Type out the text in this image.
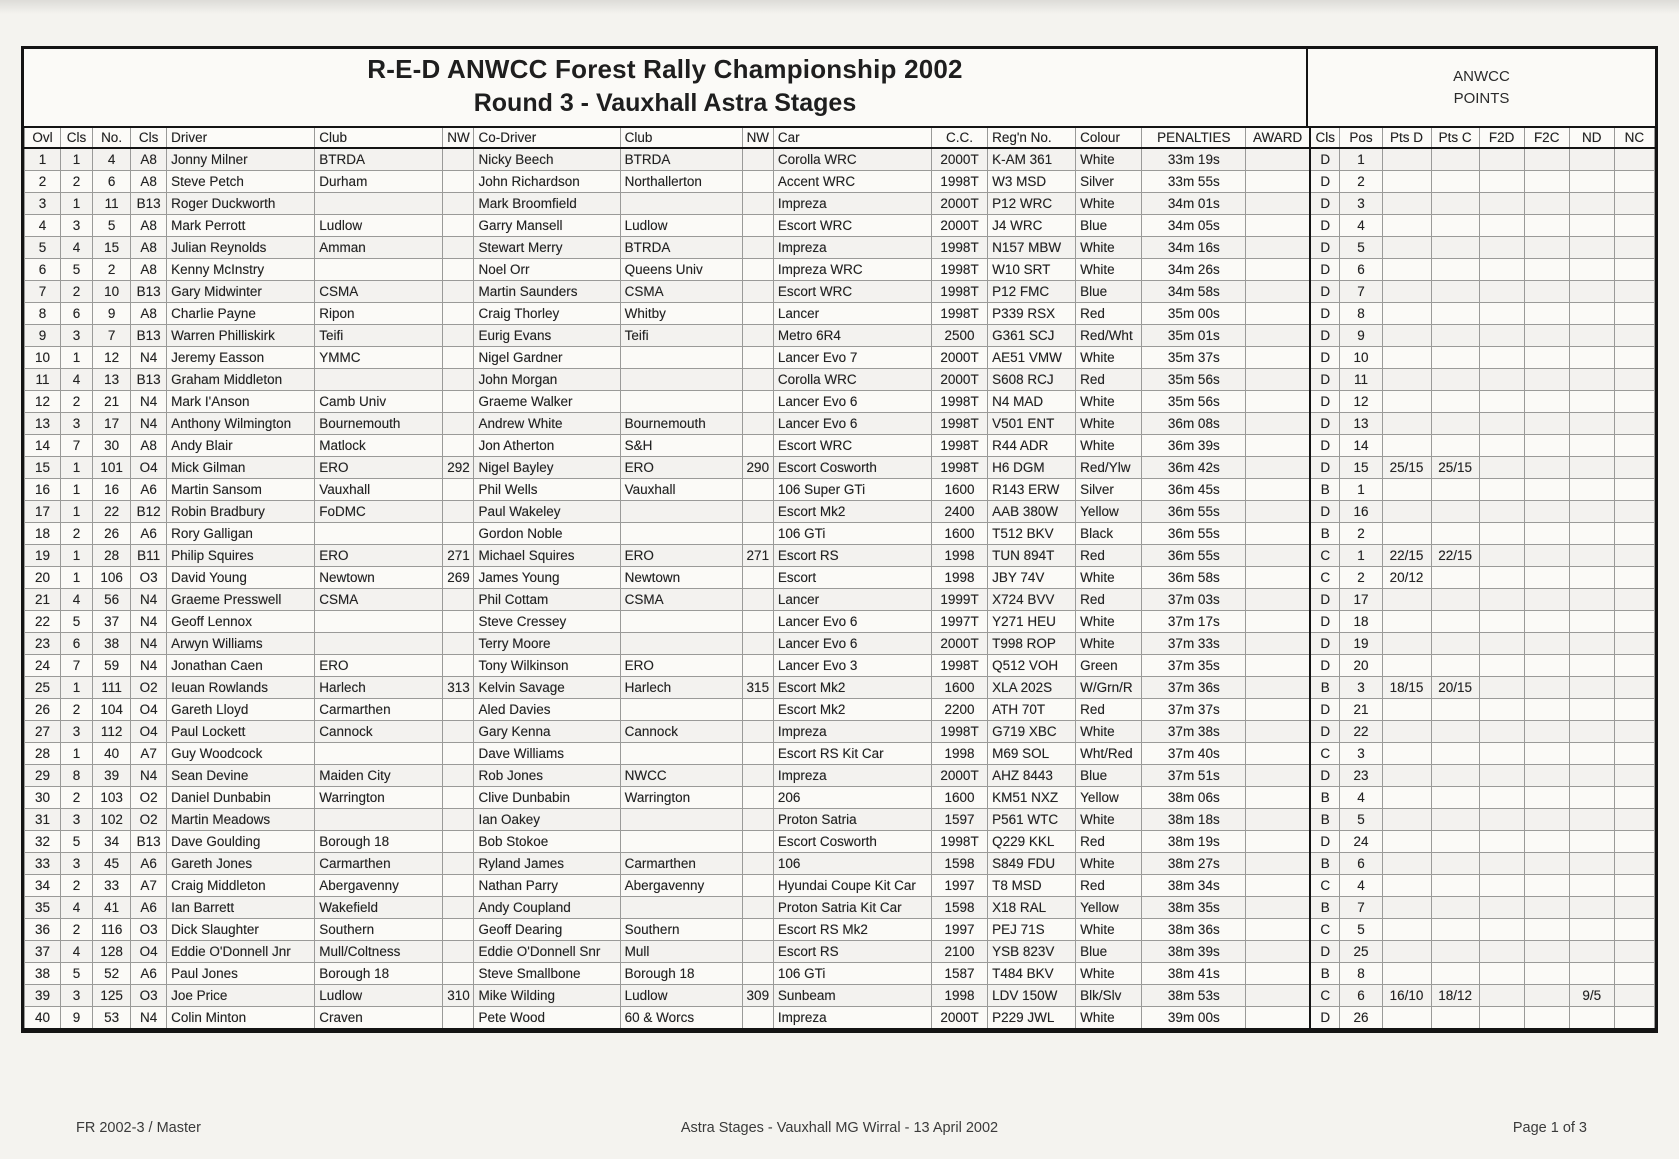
R-E-D ANWCC Forest Rally Championship 2002
Round 3 - Vauxhall Astra Stages
ANWCC
POINTS
Ovl	Cls	No.	Cls	Driver	Club	NW	Co-Driver	Club	NW	Car	C.C.	Reg'n No.	Colour	PENALTIES	AWARD	Cls	Pos	Pts D	Pts C	F2D	F2C	ND	NC
1	1	4	A8	Jonny Milner	BTRDA		Nicky Beech	BTRDA		Corolla WRC	2000T	K-AM 361	White	33m 19s		D	1						
2	2	6	A8	Steve Petch	Durham		John Richardson	Northallerton		Accent WRC	1998T	W3 MSD	Silver	33m 55s		D	2						
3	1	11	B13	Roger Duckworth			Mark Broomfield			Impreza	2000T	P12 WRC	White	34m 01s		D	3						
4	3	5	A8	Mark Perrott	Ludlow		Garry Mansell	Ludlow		Escort WRC	2000T	J4 WRC	Blue	34m 05s		D	4						
5	4	15	A8	Julian Reynolds	Amman		Stewart Merry	BTRDA		Impreza	1998T	N157 MBW	White	34m 16s		D	5						
6	5	2	A8	Kenny McInstry			Noel Orr	Queens Univ		Impreza WRC	1998T	W10 SRT	White	34m 26s		D	6						
7	2	10	B13	Gary Midwinter	CSMA		Martin Saunders	CSMA		Escort WRC	1998T	P12 FMC	Blue	34m 58s		D	7						
8	6	9	A8	Charlie Payne	Ripon		Craig Thorley	Whitby		Lancer	1998T	P339 RSX	Red	35m 00s		D	8						
9	3	7	B13	Warren Philliskirk	Teifi		Eurig Evans	Teifi		Metro 6R4	2500	G361 SCJ	Red/Wht	35m 01s		D	9						
10	1	12	N4	Jeremy Easson	YMMC		Nigel Gardner			Lancer Evo 7	2000T	AE51 VMW	White	35m 37s		D	10						
11	4	13	B13	Graham Middleton			John Morgan			Corolla WRC	2000T	S608 RCJ	Red	35m 56s		D	11						
12	2	21	N4	Mark I'Anson	Camb Univ		Graeme Walker			Lancer Evo 6	1998T	N4 MAD	White	35m 56s		D	12						
13	3	17	N4	Anthony Wilmington	Bournemouth		Andrew White	Bournemouth		Lancer Evo 6	1998T	V501 ENT	White	36m 08s		D	13						
14	7	30	A8	Andy Blair	Matlock		Jon Atherton	S&H		Escort WRC	1998T	R44 ADR	White	36m 39s		D	14						
15	1	101	O4	Mick Gilman	ERO	292	Nigel Bayley	ERO	290	Escort Cosworth	1998T	H6 DGM	Red/Ylw	36m 42s		D	15	25/15	25/15				
16	1	16	A6	Martin Sansom	Vauxhall		Phil Wells	Vauxhall		106 Super GTi	1600	R143 ERW	Silver	36m 45s		B	1						
17	1	22	B12	Robin Bradbury	FoDMC		Paul Wakeley			Escort Mk2	2400	AAB 380W	Yellow	36m 55s		D	16						
18	2	26	A6	Rory Galligan			Gordon Noble			106 GTi	1600	T512 BKV	Black	36m 55s		B	2						
19	1	28	B11	Philip Squires	ERO	271	Michael Squires	ERO	271	Escort RS	1998	TUN 894T	Red	36m 55s		C	1	22/15	22/15				
20	1	106	O3	David Young	Newtown	269	James Young	Newtown		Escort	1998	JBY 74V	White	36m 58s		C	2	20/12					
21	4	56	N4	Graeme Presswell	CSMA		Phil Cottam	CSMA		Lancer	1999T	X724 BVV	Red	37m 03s		D	17						
22	5	37	N4	Geoff Lennox			Steve Cressey			Lancer Evo 6	1997T	Y271 HEU	White	37m 17s		D	18						
23	6	38	N4	Arwyn Williams			Terry Moore			Lancer Evo 6	2000T	T998 ROP	White	37m 33s		D	19						
24	7	59	N4	Jonathan Caen	ERO		Tony Wilkinson	ERO		Lancer Evo 3	1998T	Q512 VOH	Green	37m 35s		D	20						
25	1	111	O2	Ieuan Rowlands	Harlech	313	Kelvin Savage	Harlech	315	Escort Mk2	1600	XLA 202S	W/Grn/R	37m 36s		B	3	18/15	20/15				
26	2	104	O4	Gareth Lloyd	Carmarthen		Aled Davies			Escort Mk2	2200	ATH 70T	Red	37m 37s		D	21						
27	3	112	O4	Paul Lockett	Cannock		Gary Kenna	Cannock		Impreza	1998T	G719 XBC	White	37m 38s		D	22						
28	1	40	A7	Guy Woodcock			Dave Williams			Escort RS Kit Car	1998	M69 SOL	Wht/Red	37m 40s		C	3						
29	8	39	N4	Sean Devine	Maiden City		Rob Jones	NWCC		Impreza	2000T	AHZ 8443	Blue	37m 51s		D	23						
30	2	103	O2	Daniel Dunbabin	Warrington		Clive Dunbabin	Warrington		206	1600	KM51 NXZ	Yellow	38m 06s		B	4						
31	3	102	O2	Martin Meadows			Ian Oakey			Proton Satria	1597	P561 WTC	White	38m 18s		B	5						
32	5	34	B13	Dave Goulding	Borough 18		Bob Stokoe			Escort Cosworth	1998T	Q229 KKL	Red	38m 19s		D	24						
33	3	45	A6	Gareth Jones	Carmarthen		Ryland James	Carmarthen		106	1598	S849 FDU	White	38m 27s		B	6						
34	2	33	A7	Craig Middleton	Abergavenny		Nathan Parry	Abergavenny		Hyundai Coupe Kit Car	1997	T8 MSD	Red	38m 34s		C	4						
35	4	41	A6	Ian Barrett	Wakefield		Andy Coupland			Proton Satria Kit Car	1598	X18 RAL	Yellow	38m 35s		B	7						
36	2	116	O3	Dick Slaughter	Southern		Geoff Dearing	Southern		Escort RS Mk2	1997	PEJ 71S	White	38m 36s		C	5						
37	4	128	O4	Eddie O'Donnell Jnr	Mull/Coltness		Eddie O'Donnell Snr	Mull		Escort RS	2100	YSB 823V	Blue	38m 39s		D	25						
38	5	52	A6	Paul Jones	Borough 18		Steve Smallbone	Borough 18		106 GTi	1587	T484 BKV	White	38m 41s		B	8						
39	3	125	O3	Joe Price	Ludlow	310	Mike Wilding	Ludlow	309	Sunbeam	1998	LDV 150W	Blk/Slv	38m 53s		C	6	16/10	18/12			9/5	
40	9	53	N4	Colin Minton	Craven		Pete Wood	60 & Worcs		Impreza	2000T	P229 JWL	White	39m 00s		D	26						
FR 2002-3 / Master	Astra Stages - Vauxhall MG Wirral - 13 April 2002	Page 1 of 3
